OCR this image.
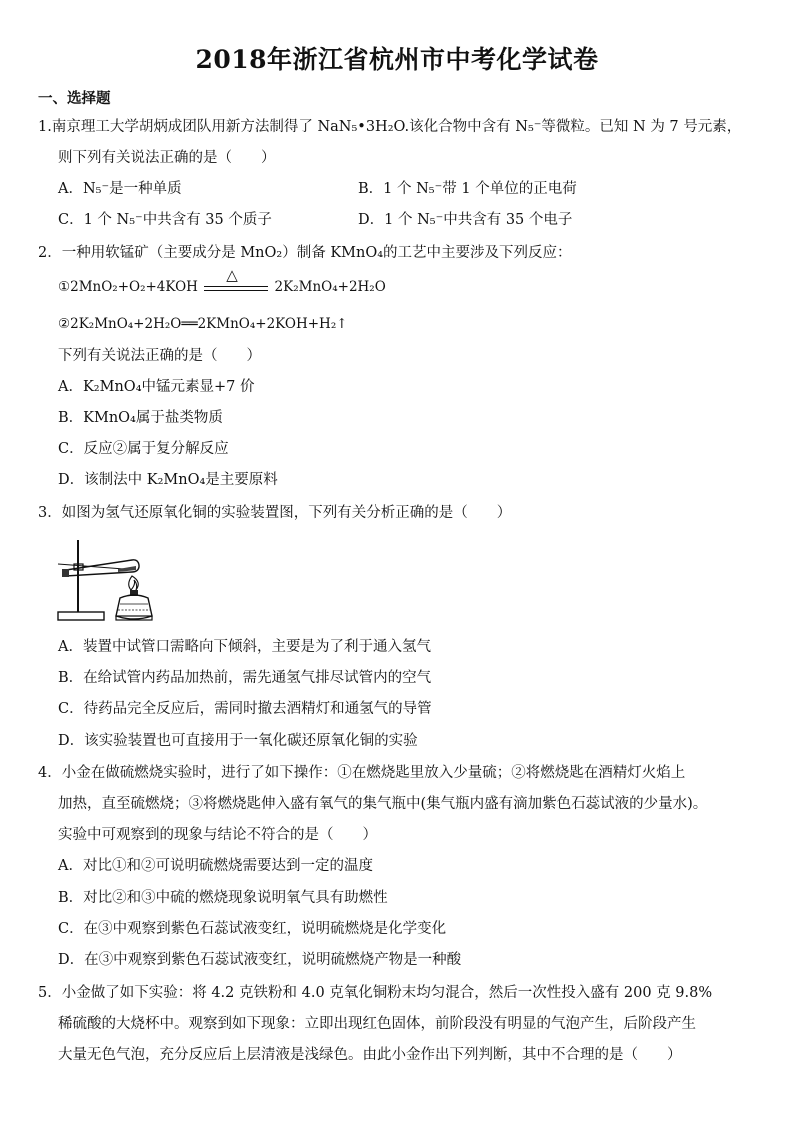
2018年浙江省杭州市中考化学试卷
一、选择题
1.南京理工大学胡炳成团队用新方法制得了 NaN₅•3H₂O.该化合物中含有 N₅⁻等微粒。已知 N 为 7 号元素，
则下列有关说法正确的是（　　）
A．N₅⁻是一种单质	B．1 个 N₅⁻带 1 个单位的正电荷
C．1 个 N₅⁻中共含有 35 个质子	D．1 个 N₅⁻中共含有 35 个电子
2．一种用软锰矿（主要成分是 MnO₂）制备 KMnO₄的工艺中主要涉及下列反应：
①2MnO₂+O₂+4KOH
△
2K₂MnO₄+2H₂O
②2K₂MnO₄+2H₂O══2KMnO₄+2KOH+H₂↑
下列有关说法正确的是（　　）
A．K₂MnO₄中锰元素显+7 价
B．KMnO₄属于盐类物质
C．反应②属于复分解反应
D．该制法中 K₂MnO₄是主要原料
3．如图为氢气还原氧化铜的实验装置图，下列有关分析正确的是（　　）
A．装置中试管口需略向下倾斜，主要是为了利于通入氢气
B．在给试管内药品加热前，需先通氢气排尽试管内的空气
C．待药品完全反应后，需同时撤去酒精灯和通氢气的导管
D．该实验装置也可直接用于一氧化碳还原氧化铜的实验
4．小金在做硫燃烧实验时，进行了如下操作：①在燃烧匙里放入少量硫；②将燃烧匙在酒精灯火焰上
加热，直至硫燃烧；③将燃烧匙伸入盛有氧气的集气瓶中(集气瓶内盛有滴加紫色石蕊试液的少量水)。
实验中可观察到的现象与结论不符合的是（　　）
A．对比①和②可说明硫燃烧需要达到一定的温度
B．对比②和③中硫的燃烧现象说明氧气具有助燃性
C．在③中观察到紫色石蕊试液变红，说明硫燃烧是化学变化
D．在③中观察到紫色石蕊试液变红，说明硫燃烧产物是一种酸
5．小金做了如下实验：将 4.2 克铁粉和 4.0 克氧化铜粉末均匀混合，然后一次性投入盛有 200 克 9.8%
稀硫酸的大烧杯中。观察到如下现象：立即出现红色固体，前阶段没有明显的气泡产生，后阶段产生
大量无色气泡，充分反应后上层清液是浅绿色。由此小金作出下列判断，其中不合理的是（　　）
